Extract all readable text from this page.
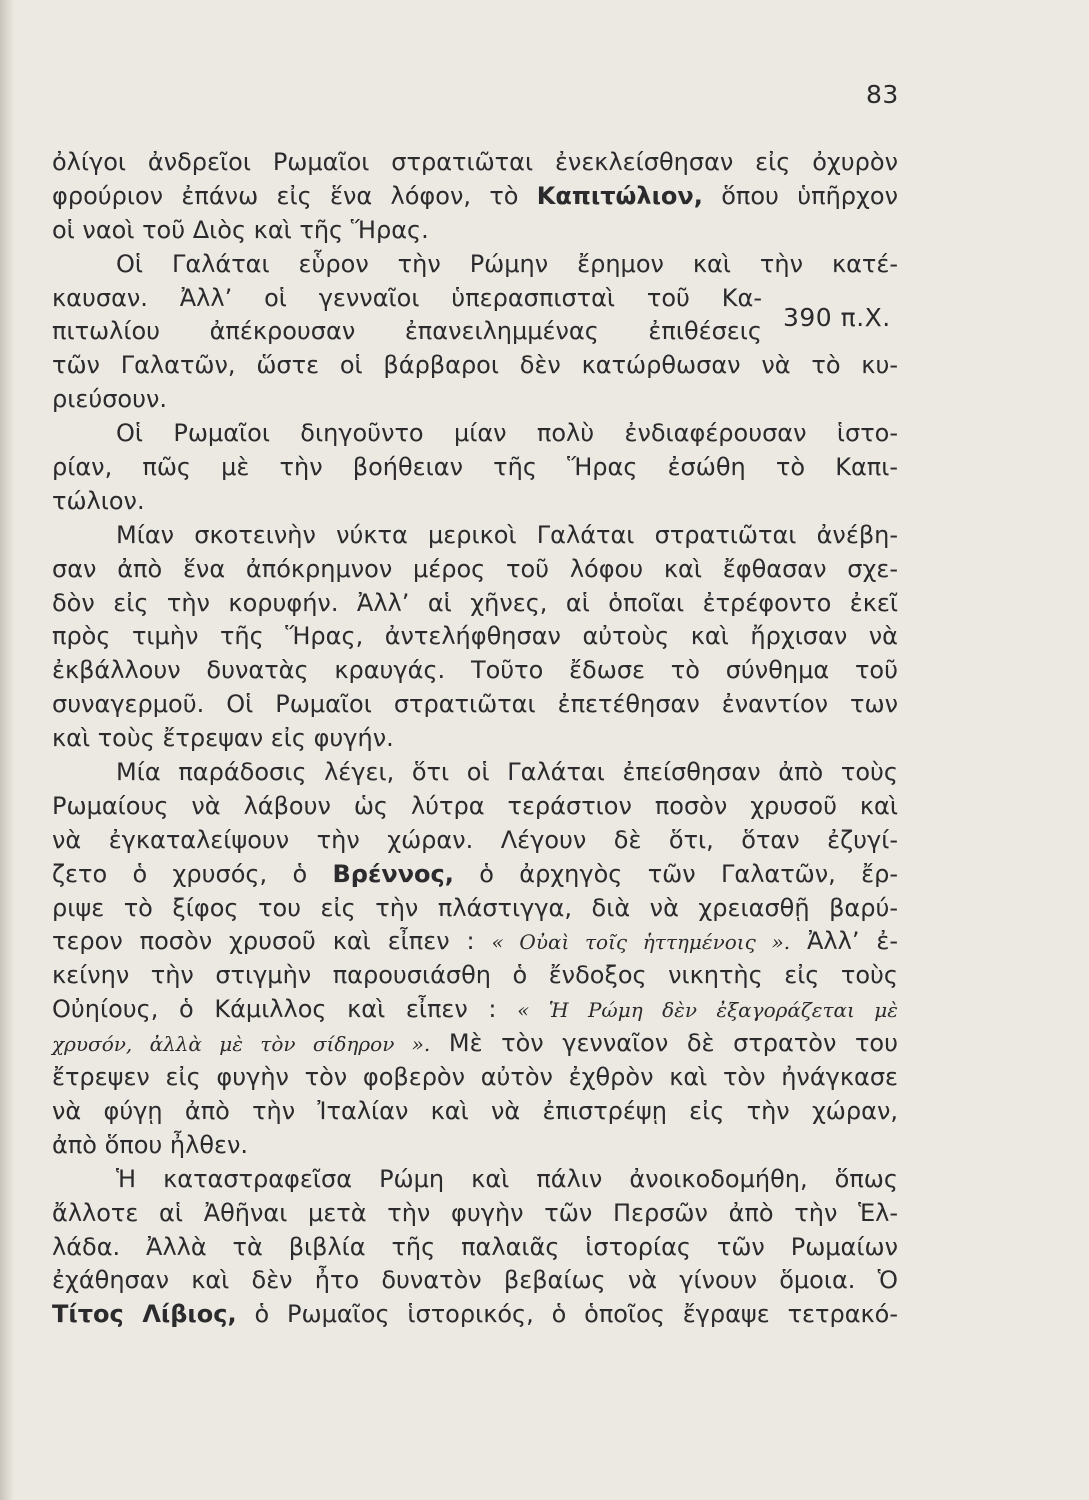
83
390 π.Χ.
ὀλίγοι ἀνδρεῖοι Ρωμαῖοι στρατιῶται ἐνεκλείσθησαν εἰς ὀχυρὸν
φρούριον ἐπάνω εἰς ἕνα λόφον, τὸ Καπιτώλιον, ὅπου ὑπῆρχον
οἱ ναοὶ τοῦ Διὸς καὶ τῆς Ἥρας.
Οἱ Γαλάται εὗρον τὴν Ρώμην ἔρημον καὶ τὴν κατέ-
καυσαν. Ἀλλ’ οἱ γενναῖοι ὑπερασπισταὶ τοῦ Κα-
πιτωλίου ἀπέκρουσαν ἐπανειλημμένας ἐπιθέσεις
τῶν Γαλατῶν, ὥστε οἱ βάρβαροι δὲν κατώρθωσαν νὰ τὸ κυ-
ριεύσουν.
Οἱ Ρωμαῖοι διηγοῦντο μίαν πολὺ ἐνδιαφέρουσαν ἱστο-
ρίαν, πῶς μὲ τὴν βοήθειαν τῆς Ἥρας ἐσώθη τὸ Καπι-
τώλιον.
Μίαν σκοτεινὴν νύκτα μερικοὶ Γαλάται στρατιῶται ἀνέβη-
σαν ἀπὸ ἕνα ἀπόκρημνον μέρος τοῦ λόφου καὶ ἔφθασαν σχε-
δὸν εἰς τὴν κορυφήν. Ἀλλ’ αἱ χῆνες, αἱ ὁποῖαι ἐτρέφοντο ἐκεῖ
πρὸς τιμὴν τῆς Ἥρας, ἀντελήφθησαν αὐτοὺς καὶ ἤρχισαν νὰ
ἐκβάλλουν δυνατὰς κραυγάς. Τοῦτο ἔδωσε τὸ σύνθημα τοῦ
συναγερμοῦ. Οἱ Ρωμαῖοι στρατιῶται ἐπετέθησαν ἐναντίον των
καὶ τοὺς ἔτρεψαν εἰς φυγήν.
Μία παράδοσις λέγει, ὅτι οἱ Γαλάται ἐπείσθησαν ἀπὸ τοὺς
Ρωμαίους νὰ λάβουν ὡς λύτρα τεράστιον ποσὸν χρυσοῦ καὶ
νὰ ἐγκαταλείψουν τὴν χώραν. Λέγουν δὲ ὅτι, ὅταν ἐζυγί-
ζετο ὁ χρυσός, ὁ Βρέννος, ὁ ἀρχηγὸς τῶν Γαλατῶν, ἔρ-
ριψε τὸ ξίφος του εἰς τὴν πλάστιγγα, διὰ νὰ χρειασθῇ βαρύ-
τερον ποσὸν χρυσοῦ καὶ εἶπεν : « Οὐαὶ τοῖς ἡττημένοις ». Ἀλλ’ ἐ-
κείνην τὴν στιγμὴν παρουσιάσθη ὁ ἔνδοξος νικητὴς εἰς τοὺς
Οὐηίους, ὁ Κάμιλλος καὶ εἶπεν : « Ἡ Ρώμη δὲν ἐξαγοράζεται μὲ
χρυσόν, ἀλλὰ μὲ τὸν σίδηρον ». Μὲ τὸν γενναῖον δὲ στρατὸν του
ἔτρεψεν εἰς φυγὴν τὸν φοβερὸν αὐτὸν ἐχθρὸν καὶ τὸν ἠνάγκασε
νὰ φύγῃ ἀπὸ τὴν Ἰταλίαν καὶ νὰ ἐπιστρέψῃ εἰς τὴν χώραν,
ἀπὸ ὅπου ἦλθεν.
Ἡ καταστραφεῖσα Ρώμη καὶ πάλιν ἀνοικοδομήθη, ὅπως
ἄλλοτε αἱ Ἀθῆναι μετὰ τὴν φυγὴν τῶν Περσῶν ἀπὸ τὴν Ἑλ-
λάδα. Ἀλλὰ τὰ βιβλία τῆς παλαιᾶς ἱστορίας τῶν Ρωμαίων
ἐχάθησαν καὶ δὲν ἦτο δυνατὸν βεβαίως νὰ γίνουν ὅμοια. Ὁ
Τίτος Λίβιος, ὁ Ρωμαῖος ἱστορικός, ὁ ὁποῖος ἔγραψε τετρακό-
